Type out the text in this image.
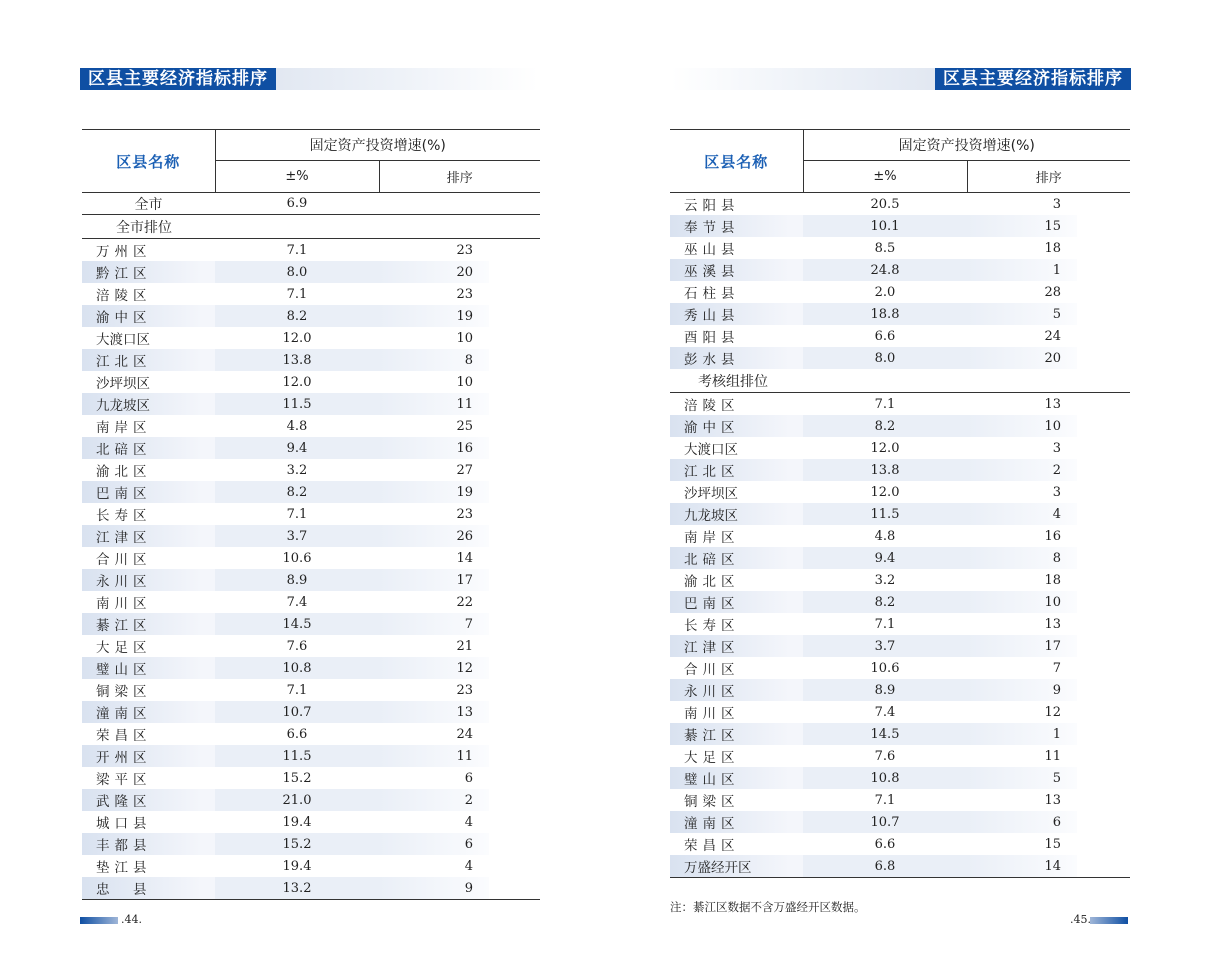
区县主要经济指标排序
区县名称	固定资产投资增速(%)		
	±%	排序	
全市	6.9		
全市排位			
万州区	7.1	23	
黔江区	8.0	20	
涪陵区	7.1	23	
渝中区	8.2	19	
大渡口区	12.0	10	
江北区	13.8	8	
沙坪坝区	12.0	10	
九龙坡区	11.5	11	
南岸区	4.8	25	
北碚区	9.4	16	
渝北区	3.2	27	
巴南区	8.2	19	
长寿区	7.1	23	
江津区	3.7	26	
合川区	10.6	14	
永川区	8.9	17	
南川区	7.4	22	
綦江区	14.5	7	
大足区	7.6	21	
璧山区	10.8	12	
铜梁区	7.1	23	
潼南区	10.7	13	
荣昌区	6.6	24	
开州区	11.5	11	
梁平区	15.2	6	
武隆区	21.0	2	
城口县	19.4	4	
丰都县	15.2	6	
垫江县	19.4	4	
忠　县	13.2	9	
.44.
区县主要经济指标排序
区县名称	固定资产投资增速(%)		
	±%	排序	
云阳县	20.5	3	
奉节县	10.1	15	
巫山县	8.5	18	
巫溪县	24.8	1	
石柱县	2.0	28	
秀山县	18.8	5	
酉阳县	6.6	24	
彭水县	8.0	20	
考核组排位			
涪陵区	7.1	13	
渝中区	8.2	10	
大渡口区	12.0	3	
江北区	13.8	2	
沙坪坝区	12.0	3	
九龙坡区	11.5	4	
南岸区	4.8	16	
北碚区	9.4	8	
渝北区	3.2	18	
巴南区	8.2	10	
长寿区	7.1	13	
江津区	3.7	17	
合川区	10.6	7	
永川区	8.9	9	
南川区	7.4	12	
綦江区	14.5	1	
大足区	7.6	11	
璧山区	10.8	5	
铜梁区	7.1	13	
潼南区	10.7	6	
荣昌区	6.6	15	
万盛经开区	6.8	14	
注：綦江区数据不含万盛经开区数据。
.45.
